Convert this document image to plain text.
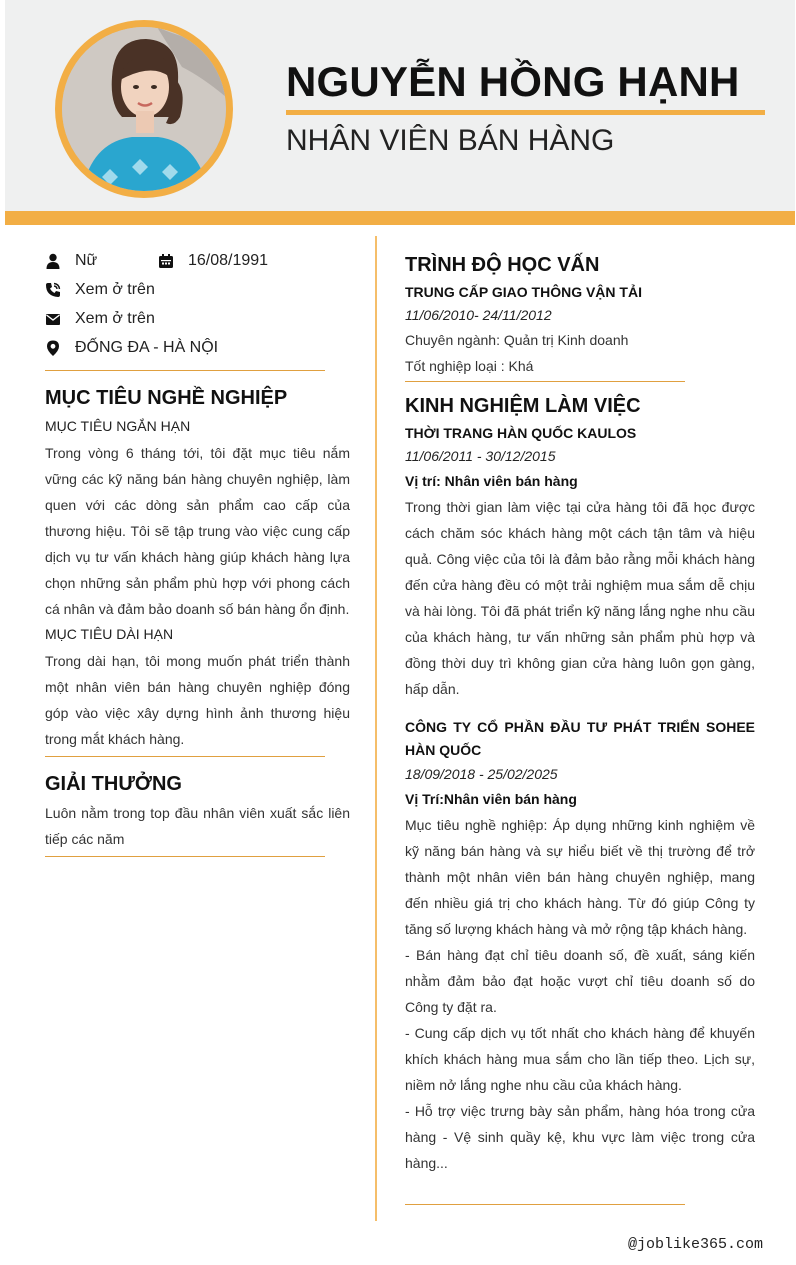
NGUYỄN HỒNG HẠNH
NHÂN VIÊN BÁN HÀNG
Nữ	16/08/1991
Xem ở trên
Xem ở trên
ĐỐNG ĐA - HÀ NỘI
MỤC TIÊU NGHỀ NGHIỆP
MỤC TIÊU NGẮN HẠN
Trong vòng 6 tháng tới, tôi đặt mục tiêu nắm vững các kỹ năng bán hàng chuyên nghiệp, làm quen với các dòng sản phẩm cao cấp của thương hiệu. Tôi sẽ tập trung vào việc cung cấp dịch vụ tư vấn khách hàng giúp khách hàng lựa chọn những sản phẩm phù hợp với phong cách cá nhân và đảm bảo doanh số bán hàng ổn định.
MỤC TIÊU DÀI HẠN
Trong dài hạn, tôi mong muốn phát triển thành một nhân viên bán hàng chuyên nghiệp đóng góp vào việc xây dựng hình ảnh thương hiệu trong mắt khách hàng.
GIẢI THƯỞNG
Luôn nằm trong top đầu nhân viên xuất sắc liên tiếp các năm
TRÌNH ĐỘ HỌC VẤN
TRUNG CẤP GIAO THÔNG VẬN TẢI
11/06/2010- 24/11/2012
Chuyên ngành: Quản trị Kinh doanh
Tốt nghiệp loại : Khá
KINH NGHIỆM LÀM VIỆC
THỜI TRANG HÀN QUỐC KAULOS
11/06/2011 - 30/12/2015
Vị trí: Nhân viên bán hàng
Trong thời gian làm việc tại cửa hàng tôi đã học được cách chăm sóc khách hàng một cách tận tâm và hiệu quả. Công việc của tôi là đảm bảo rằng mỗi khách hàng đến cửa hàng đều có một trải nghiệm mua sắm dễ chịu và hài lòng. Tôi đã phát triển kỹ năng lắng nghe nhu cầu của khách hàng, tư vấn những sản phẩm phù hợp và đồng thời duy trì không gian cửa hàng luôn gọn gàng, hấp dẫn.
CÔNG TY CỔ PHẦN ĐẦU TƯ PHÁT TRIỂN SOHEE HÀN QUỐC
18/09/2018 - 25/02/2025
Vị Trí:Nhân viên bán hàng
Mục tiêu nghề nghiệp: Áp dụng những kinh nghiệm về kỹ năng bán hàng và sự hiểu biết về thị trường để trở thành một nhân viên bán hàng chuyên nghiệp, mang đến nhiều giá trị cho khách hàng. Từ đó giúp Công ty tăng số lượng khách hàng và mở rộng tập khách hàng.
- Bán hàng đạt chỉ tiêu doanh số, đề xuất, sáng kiến nhằm đảm bảo đạt hoặc vượt chỉ tiêu doanh số do Công ty đặt ra.
- Cung cấp dịch vụ tốt nhất cho khách hàng để khuyến khích khách hàng mua sắm cho lần tiếp theo. Lịch sự, niềm nở lắng nghe nhu cầu của khách hàng.
- Hỗ trợ việc trưng bày sản phẩm, hàng hóa trong cửa hàng - Vệ sinh quầy kệ, khu vực làm việc trong cửa hàng...
@joblike365.com
